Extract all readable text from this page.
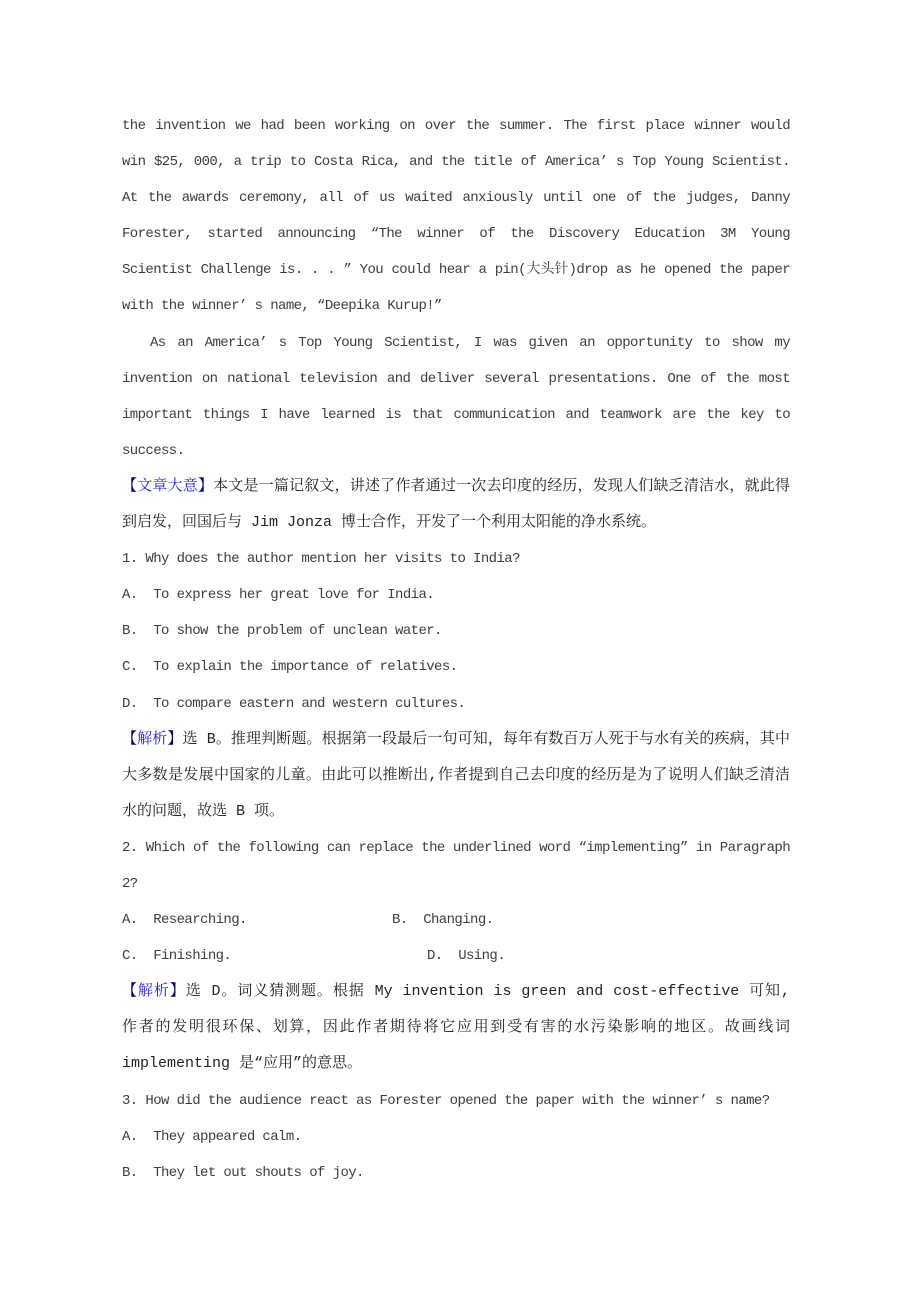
the invention we had been working on over the summer. The first place winner would win $25, 000, a trip to Costa Rica, and the title of America’ s Top Young Scientist. At the awards ceremony, all of us waited anxiously until one of the judges, Danny Forester, started announcing “The winner of the Discovery Education 3M Young Scientist Challenge is. . . ” You could hear a pin(大头针)drop as he opened the paper with the winner’ s name, “Deepika Kurup!”

As an America’ s Top Young Scientist, I was given an opportunity to show my invention on national television and deliver several presentations. One of the most important things I have learned is that communication and teamwork are the key to success.

【文章大意】本文是一篇记叙文，讲述了作者通过一次去印度的经历，发现人们缺乏清洁水，就此得到启发，回国后与 Jim Jonza 博士合作，开发了一个利用太阳能的净水系统。

1. Why does the author mention her visits to India?

A.  To express her great love for India.

B.  To show the problem of unclean water.

C.  To explain the importance of relatives.

D.  To compare eastern and western cultures.

【解析】选 B。推理判断题。根据第一段最后一句可知，每年有数百万人死于与水有关的疾病，其中大多数是发展中国家的儿童。由此可以推断出,作者提到自己去印度的经历是为了说明人们缺乏清洁水的问题，故选 B 项。

2. Which of the following can replace the underlined word “implementing” in Paragraph 2?

A.  Researching.	B.  Changing.
C.  Finishing.	D.  Using.

【解析】选 D。词义猜测题。根据 My invention is green and cost-effective 可知, 作者的发明很环保、划算，因此作者期待将它应用到受有害的水污染影响的地区。故画线词 implementing 是“应用”的意思。

3. How did the audience react as Forester opened the paper with the winner’ s name?

A.  They appeared calm.

B.  They let out shouts of joy.
